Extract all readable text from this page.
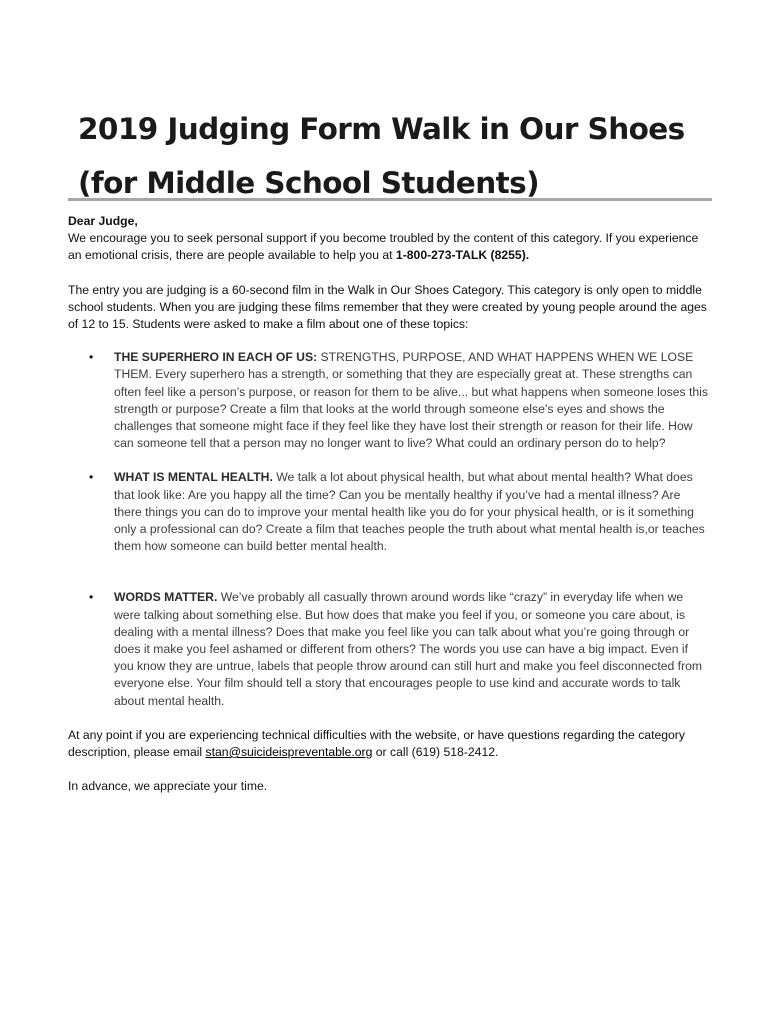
2019 Judging Form Walk in Our Shoes
(for Middle School Students)

Dear Judge,

We encourage you to seek personal support if you become troubled by the content of this category. If you experience an emotional crisis, there are people available to help you at 1-800-273-TALK (8255).

The entry you are judging is a 60-second film in the Walk in Our Shoes Category. This category is only open to middle school students. When you are judging these films remember that they were created by young people around the ages of 12 to 15. Students were asked to make a film about one of these topics:

• THE SUPERHERO IN EACH OF US: STRENGTHS, PURPOSE, AND WHAT HAPPENS WHEN WE LOSE THEM. Every superhero has a strength, or something that they are especially great at. These strengths can often feel like a person’s purpose, or reason for them to be alive... but what happens when someone loses this strength or purpose? Create a film that looks at the world through someone else’s eyes and shows the challenges that someone might face if they feel like they have lost their strength or reason for their life. How can someone tell that a person may no longer want to live? What could an ordinary person do to help?
• WHAT IS MENTAL HEALTH. We talk a lot about physical health, but what about mental health? What does that look like: Are you happy all the time? Can you be mentally healthy if you’ve had a mental illness? Are there things you can do to improve your mental health like you do for your physical health, or is it something only a professional can do? Create a film that teaches people the truth about what mental health is,or teaches them how someone can build better mental health.
• WORDS MATTER. We’ve probably all casually thrown around words like “crazy” in everyday life when we were talking about something else. But how does that make you feel if you, or someone you care about, is dealing with a mental illness? Does that make you feel like you can talk about what you’re going through or does it make you feel ashamed or different from others? The words you use can have a big impact. Even if you know they are untrue, labels that people throw around can still hurt and make you feel disconnected from everyone else. Your film should tell a story that encourages people to use kind and accurate words to talk about mental health.

At any point if you are experiencing technical difficulties with the website, or have questions regarding the category description, please email stan@suicideispreventable.org or call (619) 518-2412.

In advance, we appreciate your time.
